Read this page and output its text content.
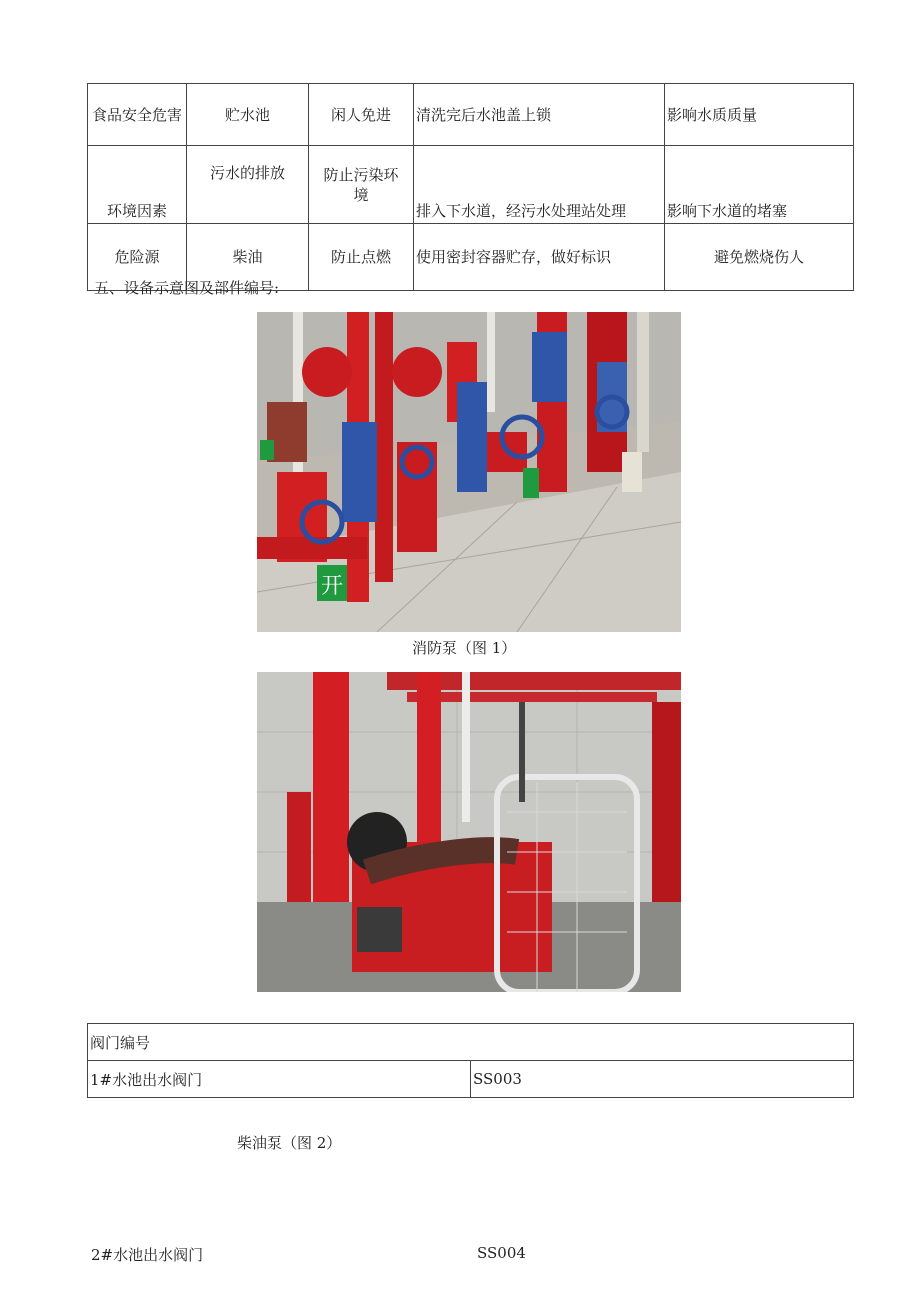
食品安全危害	贮水池	闲人免进	清洗完后水池盖上锁	影响水质质量
环境因素	污水的排放	防止污染环境	排入下水道，经污水处理站处理	影响下水道的堵塞
危险源	柴油	防止点燃	使用密封容器贮存，做好标识	避免燃烧伤人
五、设备示意图及部件编号:
开
消防泵（图 1）
阀门编号
1#水池出水阀门	SS003
柴油泵（图 2）
2#水池出水阀门	SS004
